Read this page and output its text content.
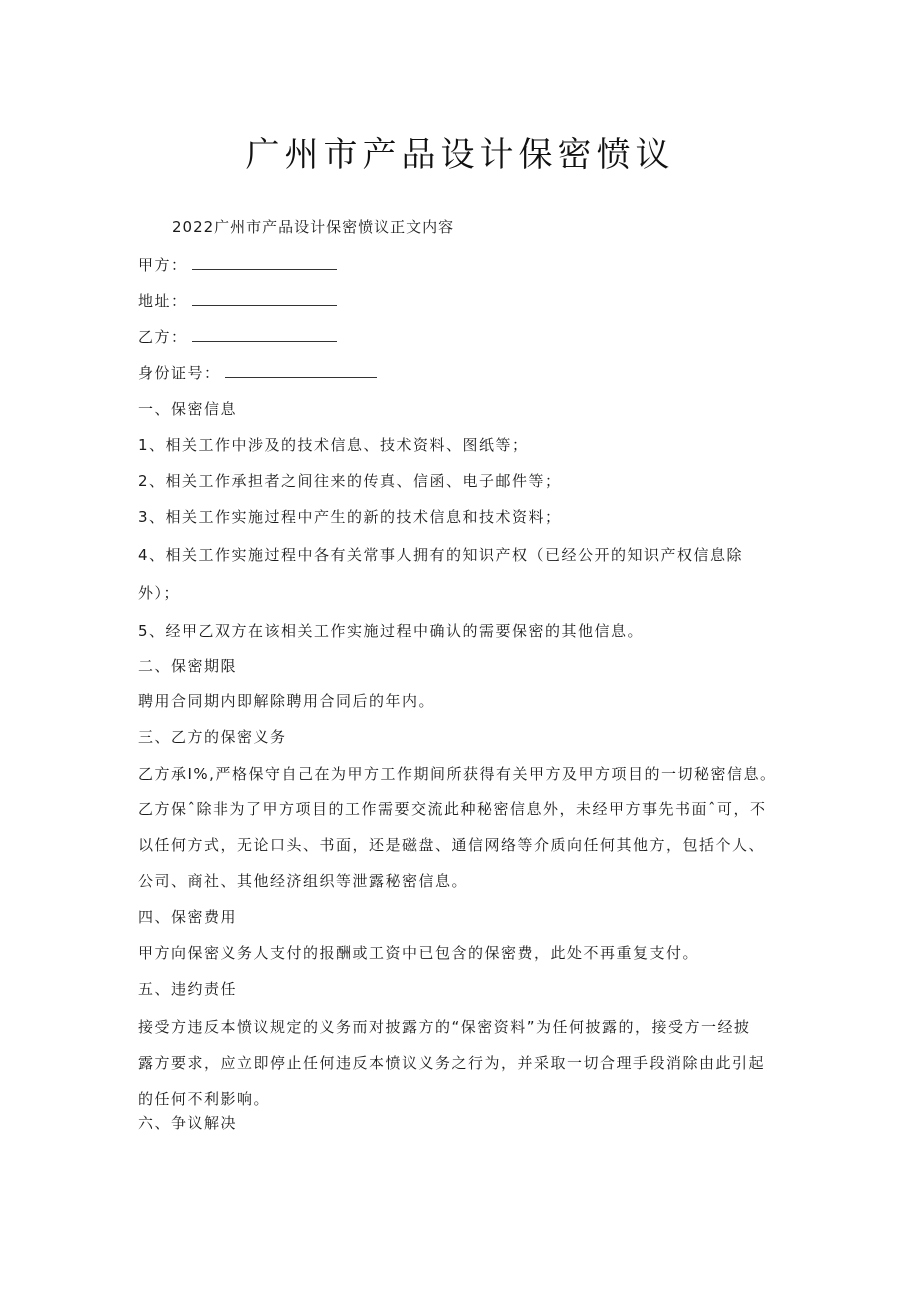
广州市产品设计保密愤议

2022广州市产品设计保密愤议正文内容

甲方：

地址：

乙方：

身份证号：

一、保密信息

1、相关工作中涉及的技术信息、技术资料、图纸等；

2、相关工作承担者之间往来的传真、信函、电子邮件等；

3、相关工作实施过程中产生的新的技术信息和技术资料；

4、相关工作实施过程中各有关常事人拥有的知识产权（已经公开的知识产权信息除

外）；

5、经甲乙双方在该相关工作实施过程中确认的需要保密的其他信息。

二、保密期限

聘用合同期内即解除聘用合同后的年内。

三、乙方的保密义务

乙方承I%,严格保守自己在为甲方工作期间所获得有关甲方及甲方项目的一切秘密信息。

乙方保ˆ除非为了甲方项目的工作需要交流此种秘密信息外，未经甲方事先书面ˆ可，不

以任何方式，无论口头、书面，还是磁盘、通信网络等介质向任何其他方，包括个人、

公司、商社、其他经济组织等泄露秘密信息。

四、保密费用

甲方向保密义务人支付的报酬或工资中已包含的保密费，此处不再重复支付。

五、违约责任

接受方违反本愤议规定的义务而对披露方的“保密资料”为任何披露的，接受方一经披

露方要求，应立即停止任何违反本愤议义务之行为，并采取一切合理手段消除由此引起

的任何不利影响。

六、争议解决
